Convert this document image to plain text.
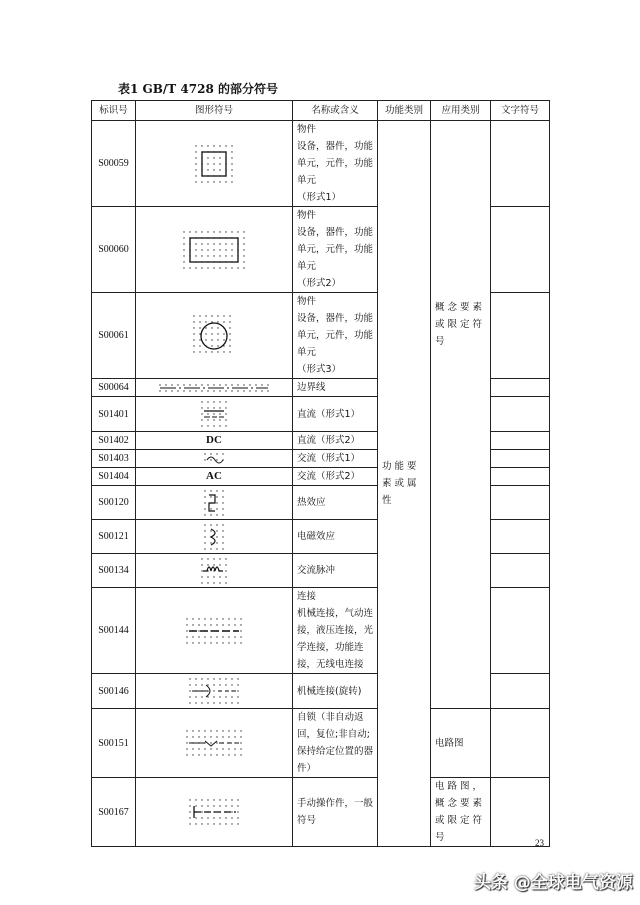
表1 GB/T 4728 的部分符号
标识号	图形符号	名称或含义	功能类别	应用类别	文字符号
S00059		物件
设备，器件，功能单元，元件，功能单元
（形式1）	功能要素或属性	概念要素或限定符号	
S00060		物件
设备，器件，功能单元，元件，功能单元
（形式2）			
S00061		物件
设备，器件，功能单元，元件，功能单元
（形式3）			
S00064		边界线			
S01401		直流（形式1）			
S01402	DC	直流（形式2）			
S01403		交流（形式1）			
S01404	AC	交流（形式2）			
S00120		热效应			
S00121		电磁效应			
S00134		交流脉冲			
S00144		连接
机械连接，气动连接，液压连接，光学连接，功能连接，无线电连接			
S00146		机械连接(旋转)			
S00151		自锁（非自动返回，复位;非自动;保持给定位置的器件）		电路图	
S00167		手动操作件，一般符号		电路图，概念要素或限定符号		23
头条 @全球电气资源
